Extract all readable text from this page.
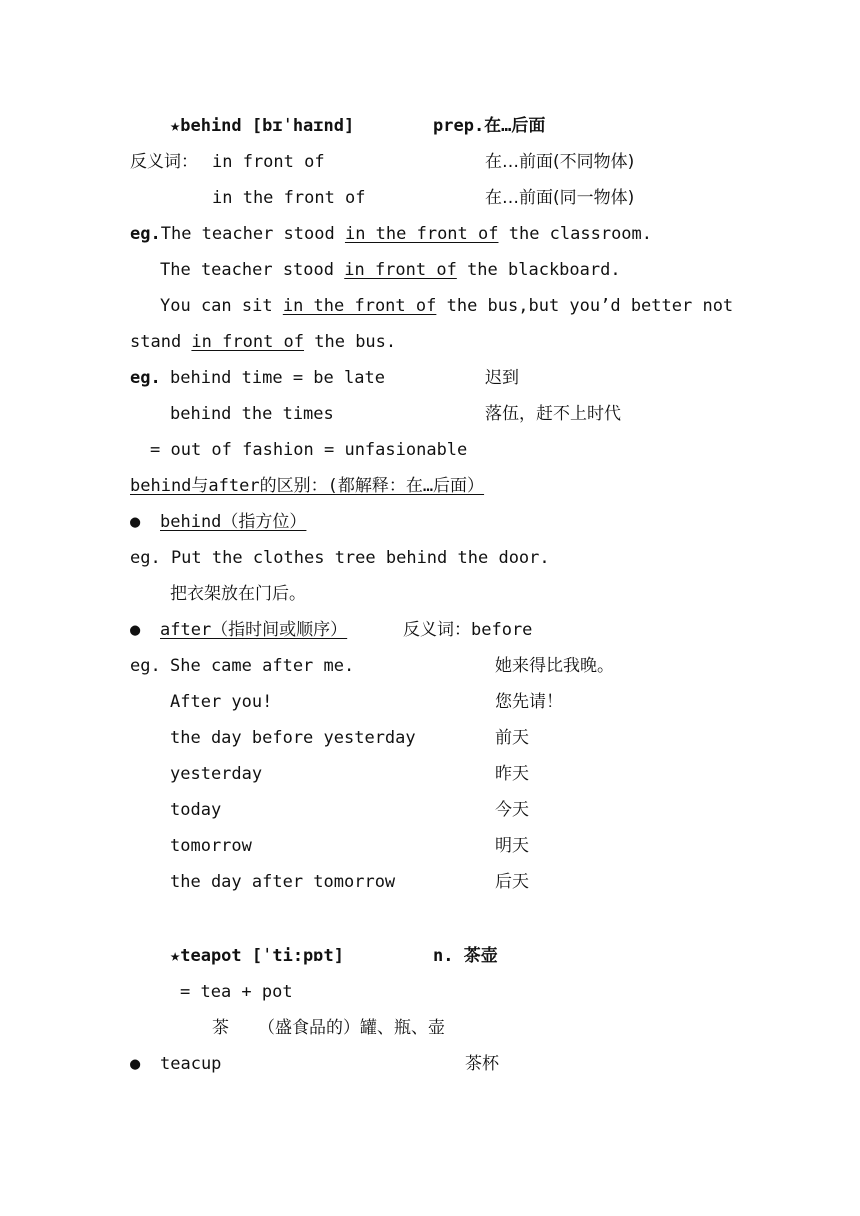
★behind [bɪˈhaɪnd]	prep.在…后面
反义词： in front of	在…前面(不同物体)
in the front of	在…前面(同一物体)
eg.The teacher stood in the front of the classroom.
The teacher stood in front of the blackboard.
You can sit in the front of the bus,but you’d better not
stand in front of the bus.
eg. behind time = be late	迟到
behind the times	落伍，赶不上时代
= out of fashion = unfasionable
behind与after的区别：(都解释：在…后面）
● behind（指方位）
eg. Put the clothes tree behind the door.
把衣架放在门后。
● after（指时间或顺序）	反义词：before
eg. She came after me.	她来得比我晚。
After you!	您先请！
the day before yesterday	前天
yesterday	昨天
today	今天
tomorrow	明天
the day after tomorrow	后天
★teapot [ˈti:pɒt]	n. 茶壶
= tea + pot
茶 （盛食品的）罐、瓶、壶
● teacup	茶杯
